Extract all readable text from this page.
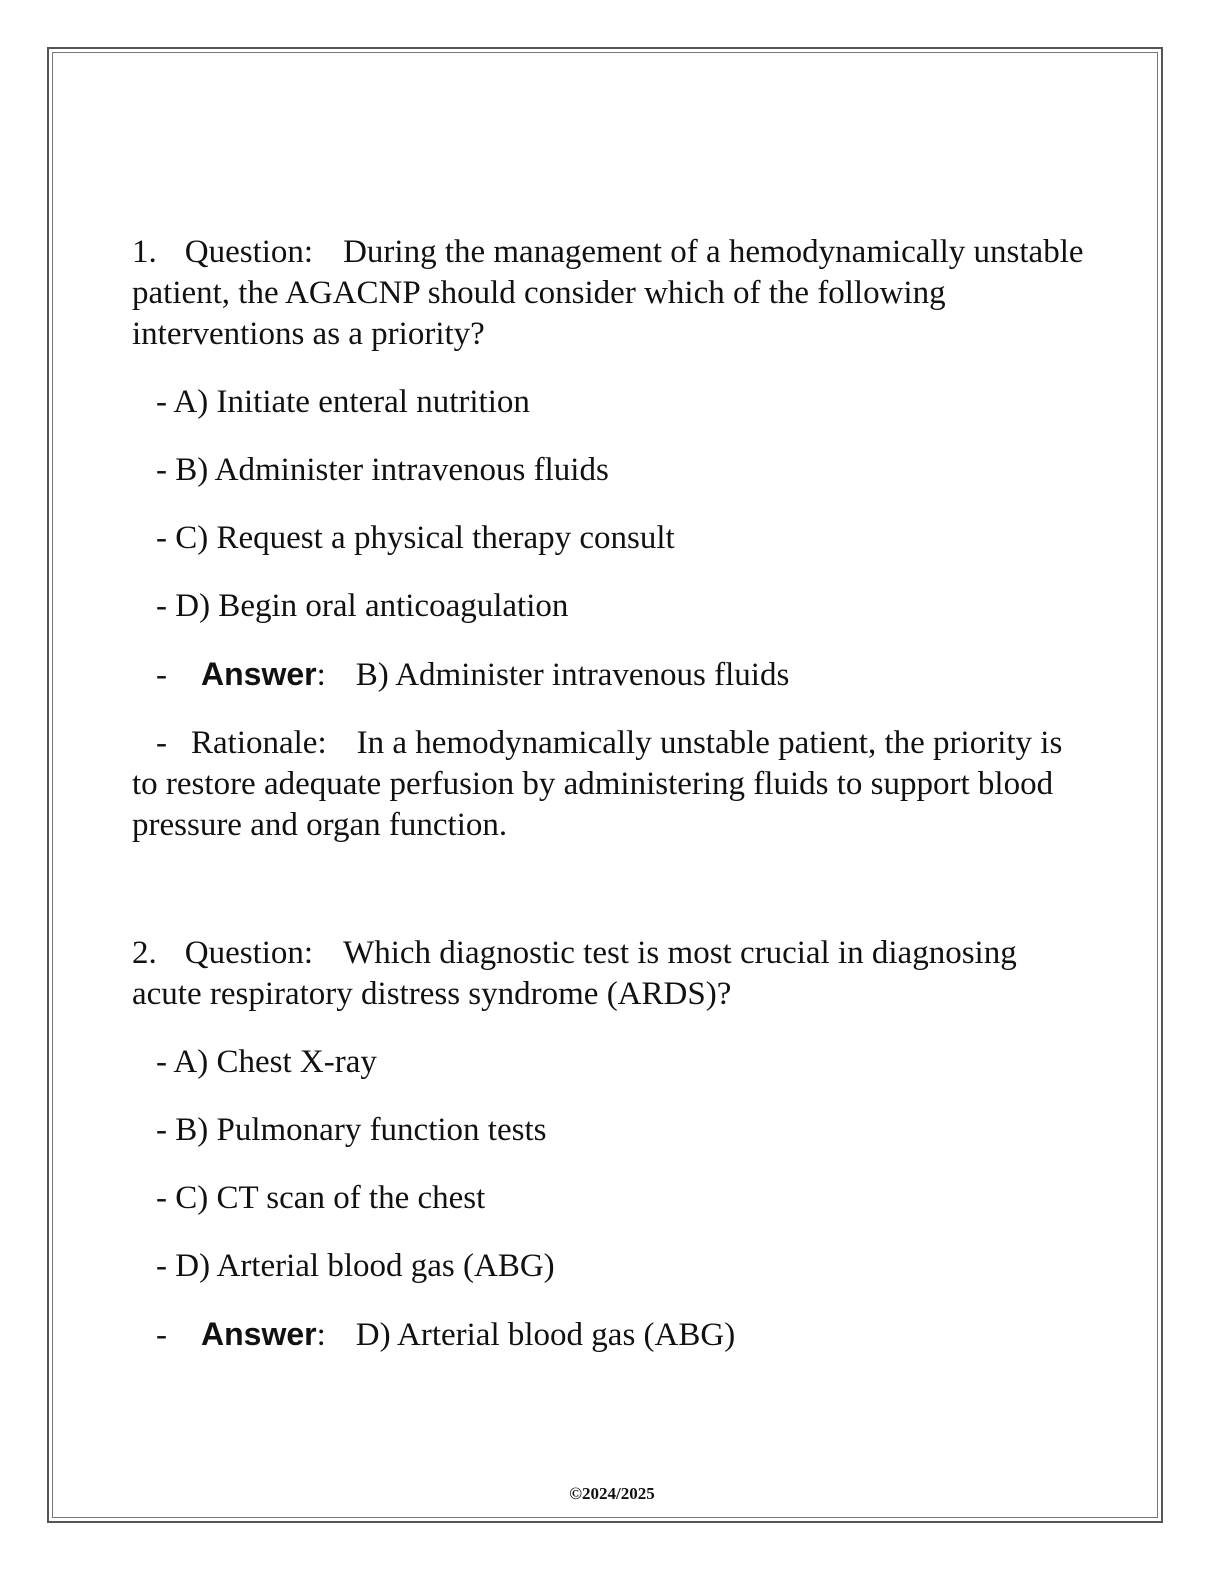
1. Question: During the management of a hemodynamically unstable patient, the AGACNP should consider which of the following interventions as a priority?

- A) Initiate enteral nutrition

- B) Administer intravenous fluids

- C) Request a physical therapy consult

- D) Begin oral anticoagulation

- Answer: B) Administer intravenous fluids

- Rationale: In a hemodynamically unstable patient, the priority is to restore adequate perfusion by administering fluids to support blood pressure and organ function.

2. Question: Which diagnostic test is most crucial in diagnosing acute respiratory distress syndrome (ARDS)?

- A) Chest X-ray

- B) Pulmonary function tests

- C) CT scan of the chest

- D) Arterial blood gas (ABG)

- Answer: D) Arterial blood gas (ABG)

©2024/2025
